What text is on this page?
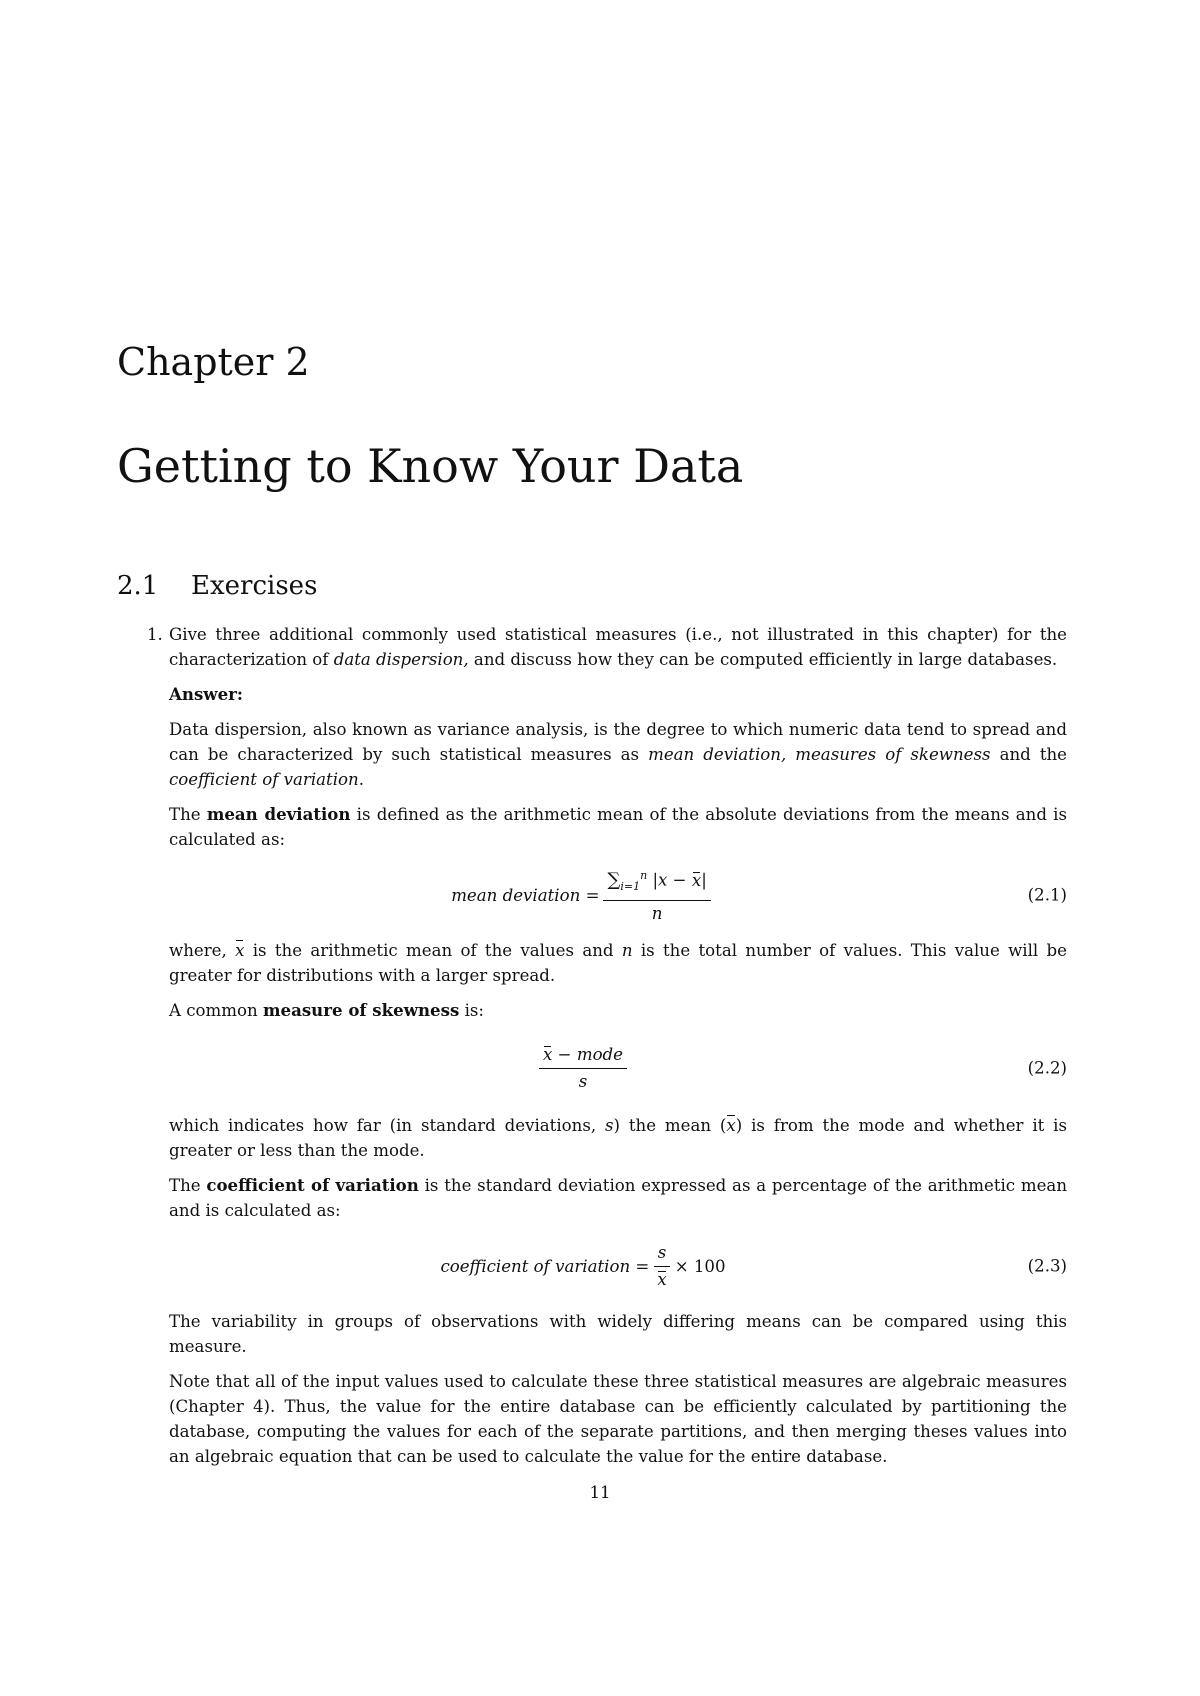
Chapter 2
Getting to Know Your Data
2.1 Exercises
1. Give three additional commonly used statistical measures (i.e., not illustrated in this chapter) for the characterization of data dispersion, and discuss how they can be computed efficiently in large databases.

Answer:

Data dispersion, also known as variance analysis, is the degree to which numeric data tend to spread and can be characterized by such statistical measures as mean deviation, measures of skewness and the coefficient of variation.

The mean deviation is defined as the arithmetic mean of the absolute deviations from the means and is calculated as:

mean deviation
= $\frac{\sum_{i=1}^n |x - x|}{n}$	(2.1)

where, x is the arithmetic mean of the values and n is the total number of values. This value will be greater for distributions with a larger spread.

A common measure of skewness is:

$\frac{\text{x − mode}}{s}$	(2.2)

which indicates how far (in standard deviations, s) the mean (x) is from the mode and whether it is greater or less than the mode.

The coefficient of variation is the standard deviation expressed as a percentage of the arithmetic mean and is calculated as:

coefficient of variation
= $\frac{s}{x} \times 100$	(2.3)

The variability in groups of observations with widely differing means can be compared using this measure.

Note that all of the input values used to calculate these three statistical measures are algebraic measures (Chapter 4). Thus, the value for the entire database can be efficiently calculated by partitioning the database, computing the values for each of the separate partitions, and then merging theses values into an algebraic equation that can be used to calculate the value for the entire database.

11
